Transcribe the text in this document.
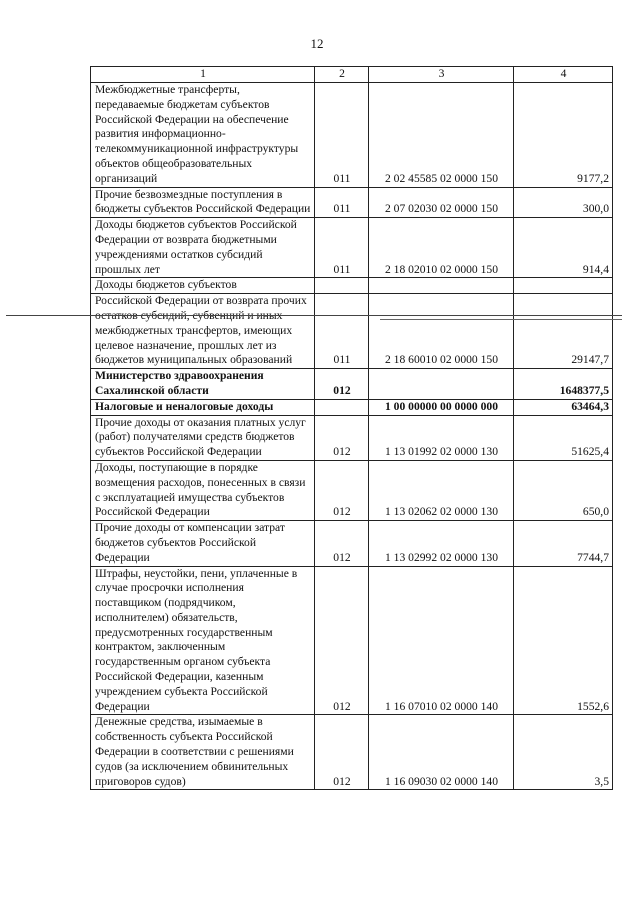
12
1	2	3	4
Межбюджетные трансферты, передаваемые бюджетам субъектов Российской Федерации на обеспечение развития информационно-телекоммуникационной инфраструктуры объектов общеобразовательных организаций	011	2 02 45585 02 0000 150	9177,2
Прочие безвозмездные поступления в бюджеты субъектов Российской Федерации	011	2 07 02030 02 0000 150	300,0
Доходы бюджетов субъектов Российской Федерации от возврата бюджетными учреждениями остатков субсидий прошлых лет	011	2 18 02010 02 0000 150	914,4
Доходы бюджетов субъектов			
Российской Федерации от возврата прочих остатков субсидий, субвенций и иных межбюджетных трансфертов, имеющих целевое назначение, прошлых лет из бюджетов муниципальных образований	011	2 18 60010 02 0000 150	29147,7
Министерство здравоохранения Сахалинской области	012		1648377,5
Налоговые и неналоговые доходы		1 00 00000 00 0000 000	63464,3
Прочие доходы от оказания платных услуг (работ) получателями средств бюджетов субъектов Российской Федерации	012	1 13 01992 02 0000 130	51625,4
Доходы, поступающие в порядке возмещения расходов, понесенных в связи с эксплуатацией имущества субъектов Российской Федерации	012	1 13 02062 02 0000 130	650,0
Прочие доходы от компенсации затрат бюджетов субъектов Российской Федерации	012	1 13 02992 02 0000 130	7744,7
Штрафы, неустойки, пени, уплаченные в случае просрочки исполнения поставщиком (подрядчиком, исполнителем) обязательств, предусмотренных государственным контрактом, заключенным государственным органом субъекта Российской Федерации, казенным учреждением субъекта Российской Федерации	012	1 16 07010 02 0000 140	1552,6
Денежные средства, изымаемые в собственность субъекта Российской Федерации в соответствии с решениями судов (за исключением обвинительных приговоров судов)	012	1 16 09030 02 0000 140	3,5
